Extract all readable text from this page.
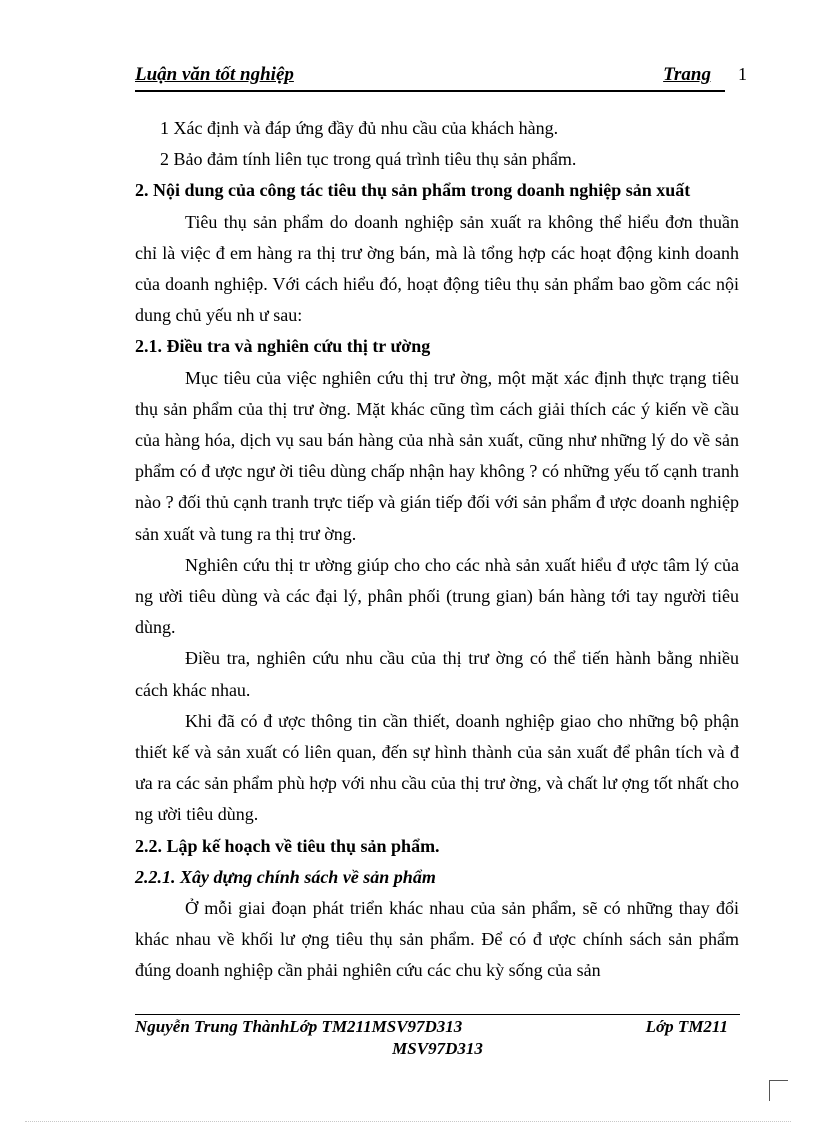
Luận văn tốt nghiệp	Trang 1

1 Xác định và đáp ứng đầy đủ nhu cầu của khách hàng.

2 Bảo đảm tính liên tục trong quá trình tiêu thụ sản phẩm.

2. Nội dung của công tác tiêu thụ sản phẩm trong doanh nghiệp sản xuất

Tiêu thụ sản phẩm do doanh nghiệp sản xuất ra không thể hiểu đơn thuần chỉ là việc đ em hàng ra thị trư ờng bán, mà là tổng hợp các hoạt động kinh doanh của doanh nghiệp. Với cách hiểu đó, hoạt động tiêu thụ sản phẩm bao gồm các nội dung chủ yếu nh ư sau:

2.1. Điều tra và nghiên cứu thị tr ường

Mục tiêu của việc nghiên cứu thị trư ờng, một mặt xác định thực trạng tiêu thụ sản phẩm của thị trư ờng. Mặt khác cũng tìm cách giải thích các ý kiến về cầu của hàng hóa, dịch vụ sau bán hàng của nhà sản xuất, cũng như những lý do về sản phẩm có đ ược ngư ời tiêu dùng chấp nhận hay không ? có những yếu tố cạnh tranh nào ? đối thủ cạnh tranh trực tiếp và gián tiếp đối với sản phẩm đ ược doanh nghiệp sản xuất và tung ra thị trư ờng.

Nghiên cứu thị tr ường giúp cho cho các nhà sản xuất hiểu đ ược tâm lý của ng ười tiêu dùng và các đại lý, phân phối (trung gian) bán hàng tới tay người tiêu dùng.

Điều tra, nghiên cứu nhu cầu của thị trư ờng có thể tiến hành bằng nhiều cách khác nhau.

Khi đã có đ ược thông tin cần thiết, doanh nghiệp giao cho những bộ phận thiết kế và sản xuất có liên quan, đến sự hình thành của sản xuất để phân tích và đ ưa ra các sản phẩm phù hợp với nhu cầu của thị trư ờng, và chất lư ợng tốt nhất cho ng ười tiêu dùng.

2.2. Lập kế hoạch về tiêu thụ sản phẩm.

2.2.1. Xây dựng chính sách về sản phẩm

Ở mỗi giai đoạn phát triển khác nhau của sản phẩm, sẽ có những thay đổi khác nhau về khối lư ợng tiêu thụ sản phẩm. Để có đ ược chính sách sản phẩm đúng doanh nghiệp cần phải nghiên cứu các chu kỳ sống của sản

Nguyễn Trung ThànhLớp TM211MSV97D313	Lớp TM211
MSV97D313
